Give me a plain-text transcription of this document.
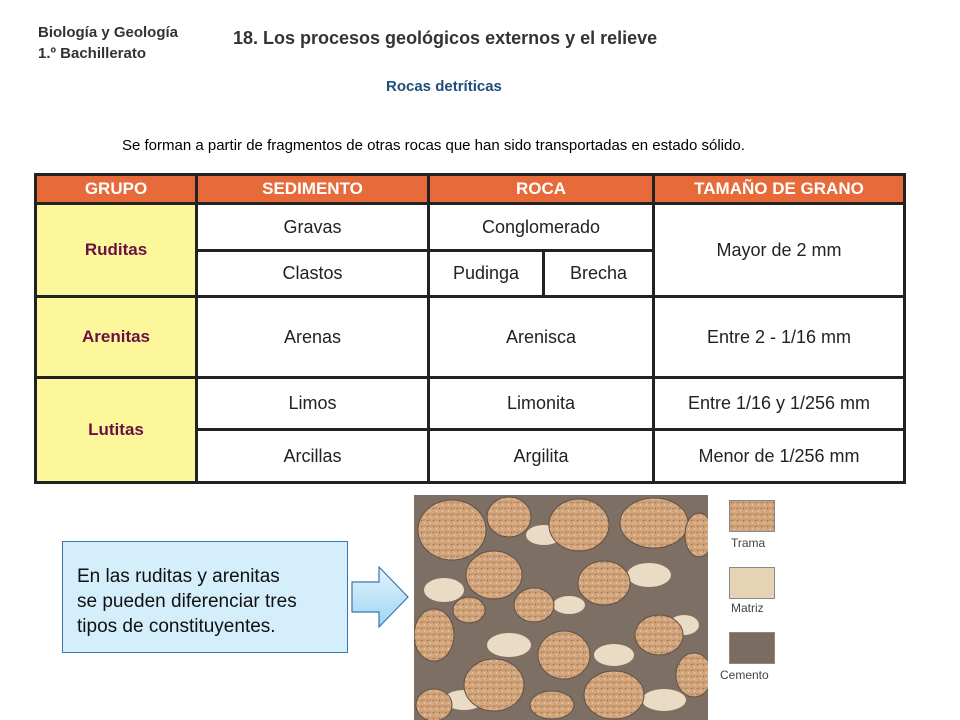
Biología y Geología
1.º Bachillerato
18. Los procesos geológicos externos y el relieve
Rocas detríticas
Se forman a partir de fragmentos de otras rocas que han sido transportadas en estado sólido.
GRUPO	SEDIMENTO	ROCA		TAMAÑO DE GRANO
Ruditas	Gravas	Conglomerado		Mayor de 2 mm
	Clastos	Pudinga	Brecha	
Arenitas	Arenas	Arenisca		Entre 2 - 1/16 mm
Lutitas	Limos	Limonita		Entre 1/16 y 1/256 mm
	Arcillas	Argilita		Menor de 1/256 mm

En las ruditas y arenitas
se pueden diferenciar tres
tipos de constituyentes.

Trama
Matriz
Cemento
